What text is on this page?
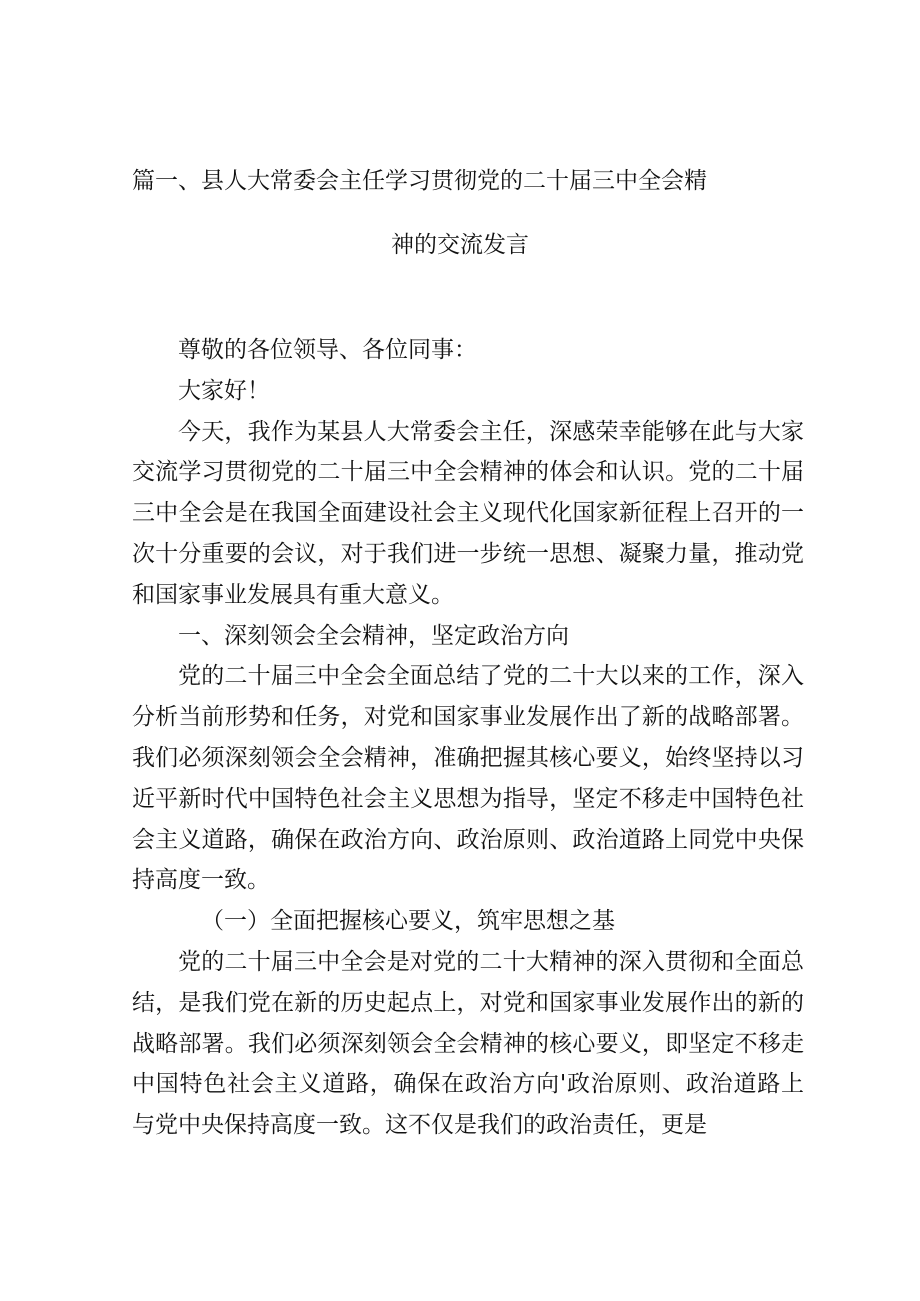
篇一、县人大常委会主任学习贯彻党的二十届三中全会精
神的交流发言

尊敬的各位领导、各位同事：

大家好！

今天，我作为某县人大常委会主任，深感荣幸能够在此与大家交流学习贯彻党的二十届三中全会精神的体会和认识。党的二十届三中全会是在我国全面建设社会主义现代化国家新征程上召开的一次十分重要的会议，对于我们进一步统一思想、凝聚力量，推动党和国家事业发展具有重大意义。

一、深刻领会全会精神，坚定政治方向

党的二十届三中全会全面总结了党的二十大以来的工作，深入分析当前形势和任务，对党和国家事业发展作出了新的战略部署。我们必须深刻领会全会精神，准确把握其核心要义，始终坚持以习近平新时代中国特色社会主义思想为指导，坚定不移走中国特色社会主义道路，确保在政治方向、政治原则、政治道路上同党中央保持高度一致。

（一）全面把握核心要义，筑牢思想之基

党的二十届三中全会是对党的二十大精神的深入贯彻和全面总结，是我们党在新的历史起点上，对党和国家事业发展作出的新的战略部署。我们必须深刻领会全会精神的核心要义，即坚定不移走中国特色社会主义道路，确保在政治方向'政治原则、政治道路上与党中央保持高度一致。这不仅是我们的政治责任，更是
